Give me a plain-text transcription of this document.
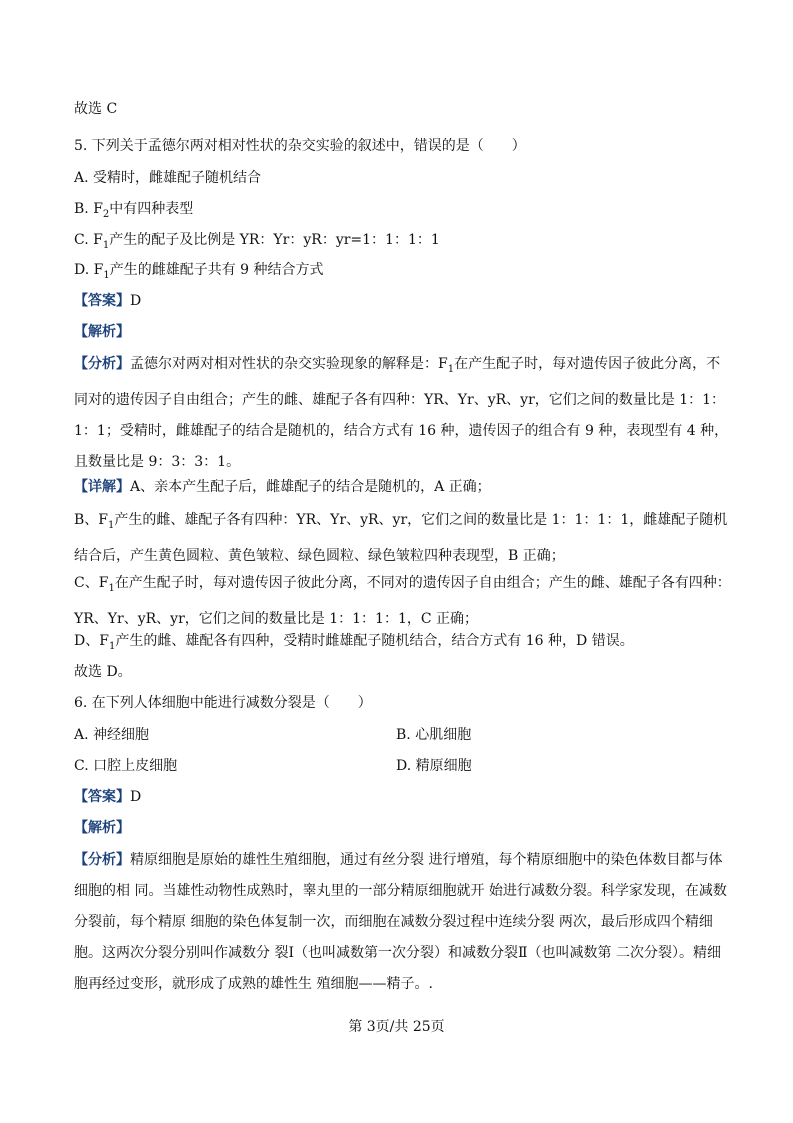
故选 C
5. 下列关于孟德尔两对相对性状的杂交实验的叙述中，错误的是（　　）
A. 受精时，雌雄配子随机结合
B. $F_2$中有四种表型
C. $F_1$产生的配子及比例是 YR：Yr：yR：yr=1：1：1：1
D. $F_1$产生的雌雄配子共有 9 种结合方式
【答案】D
【解析】
【分析】孟德尔对两对相对性状的杂交实验现象的解释是：$F_1$在产生配子时，每对遗传因子彼此分离，不同对的遗传因子自由组合；产生的雌、雄配子各有四种：YR、Yr、yR、yr，它们之间的数量比是 1：1：1：1；受精时，雌雄配子的结合是随机的，结合方式有 16 种，遗传因子的组合有 9 种，表现型有 4 种，且数量比是 9：3：3：1。
【详解】A、亲本产生配子后，雌雄配子的结合是随机的，A 正确；
B、$F_1$产生的雌、雄配子各有四种：YR、Yr、yR、yr，它们之间的数量比是 1：1：1：1，雌雄配子随机结合后，产生黄色圆粒、黄色皱粒、绿色圆粒、绿色皱粒四种表现型，B 正确；
C、$F_1$在产生配子时，每对遗传因子彼此分离，不同对的遗传因子自由组合；产生的雌、雄配子各有四种：YR、Yr、yR、yr，它们之间的数量比是 1：1：1：1，C 正确；
D、$F_1$产生的雌、雄配各有四种，受精时雌雄配子随机结合，结合方式有 16 种，D 错误。
故选 D。
6. 在下列人体细胞中能进行减数分裂是（　　）
A. 神经细胞	B. 心肌细胞
C. 口腔上皮细胞	D. 精原细胞
【答案】D
【解析】
【分析】精原细胞是原始的雄性生殖细胞，通过有丝分裂 进行增殖，每个精原细胞中的染色体数目都与体细胞的相 同。当雄性动物性成熟时，睾丸里的一部分精原细胞就开 始进行减数分裂。科学家发现，在减数分裂前，每个精原 细胞的染色体复制一次，而细胞在减数分裂过程中连续分裂 两次，最后形成四个精细胞。这两次分裂分别叫作减数分 裂Ⅰ（也叫减数第一次分裂）和减数分裂Ⅱ（也叫减数第 二次分裂）。精细胞再经过变形，就形成了成熟的雄性生 殖细胞——精子。.
第 3页/共 25页
